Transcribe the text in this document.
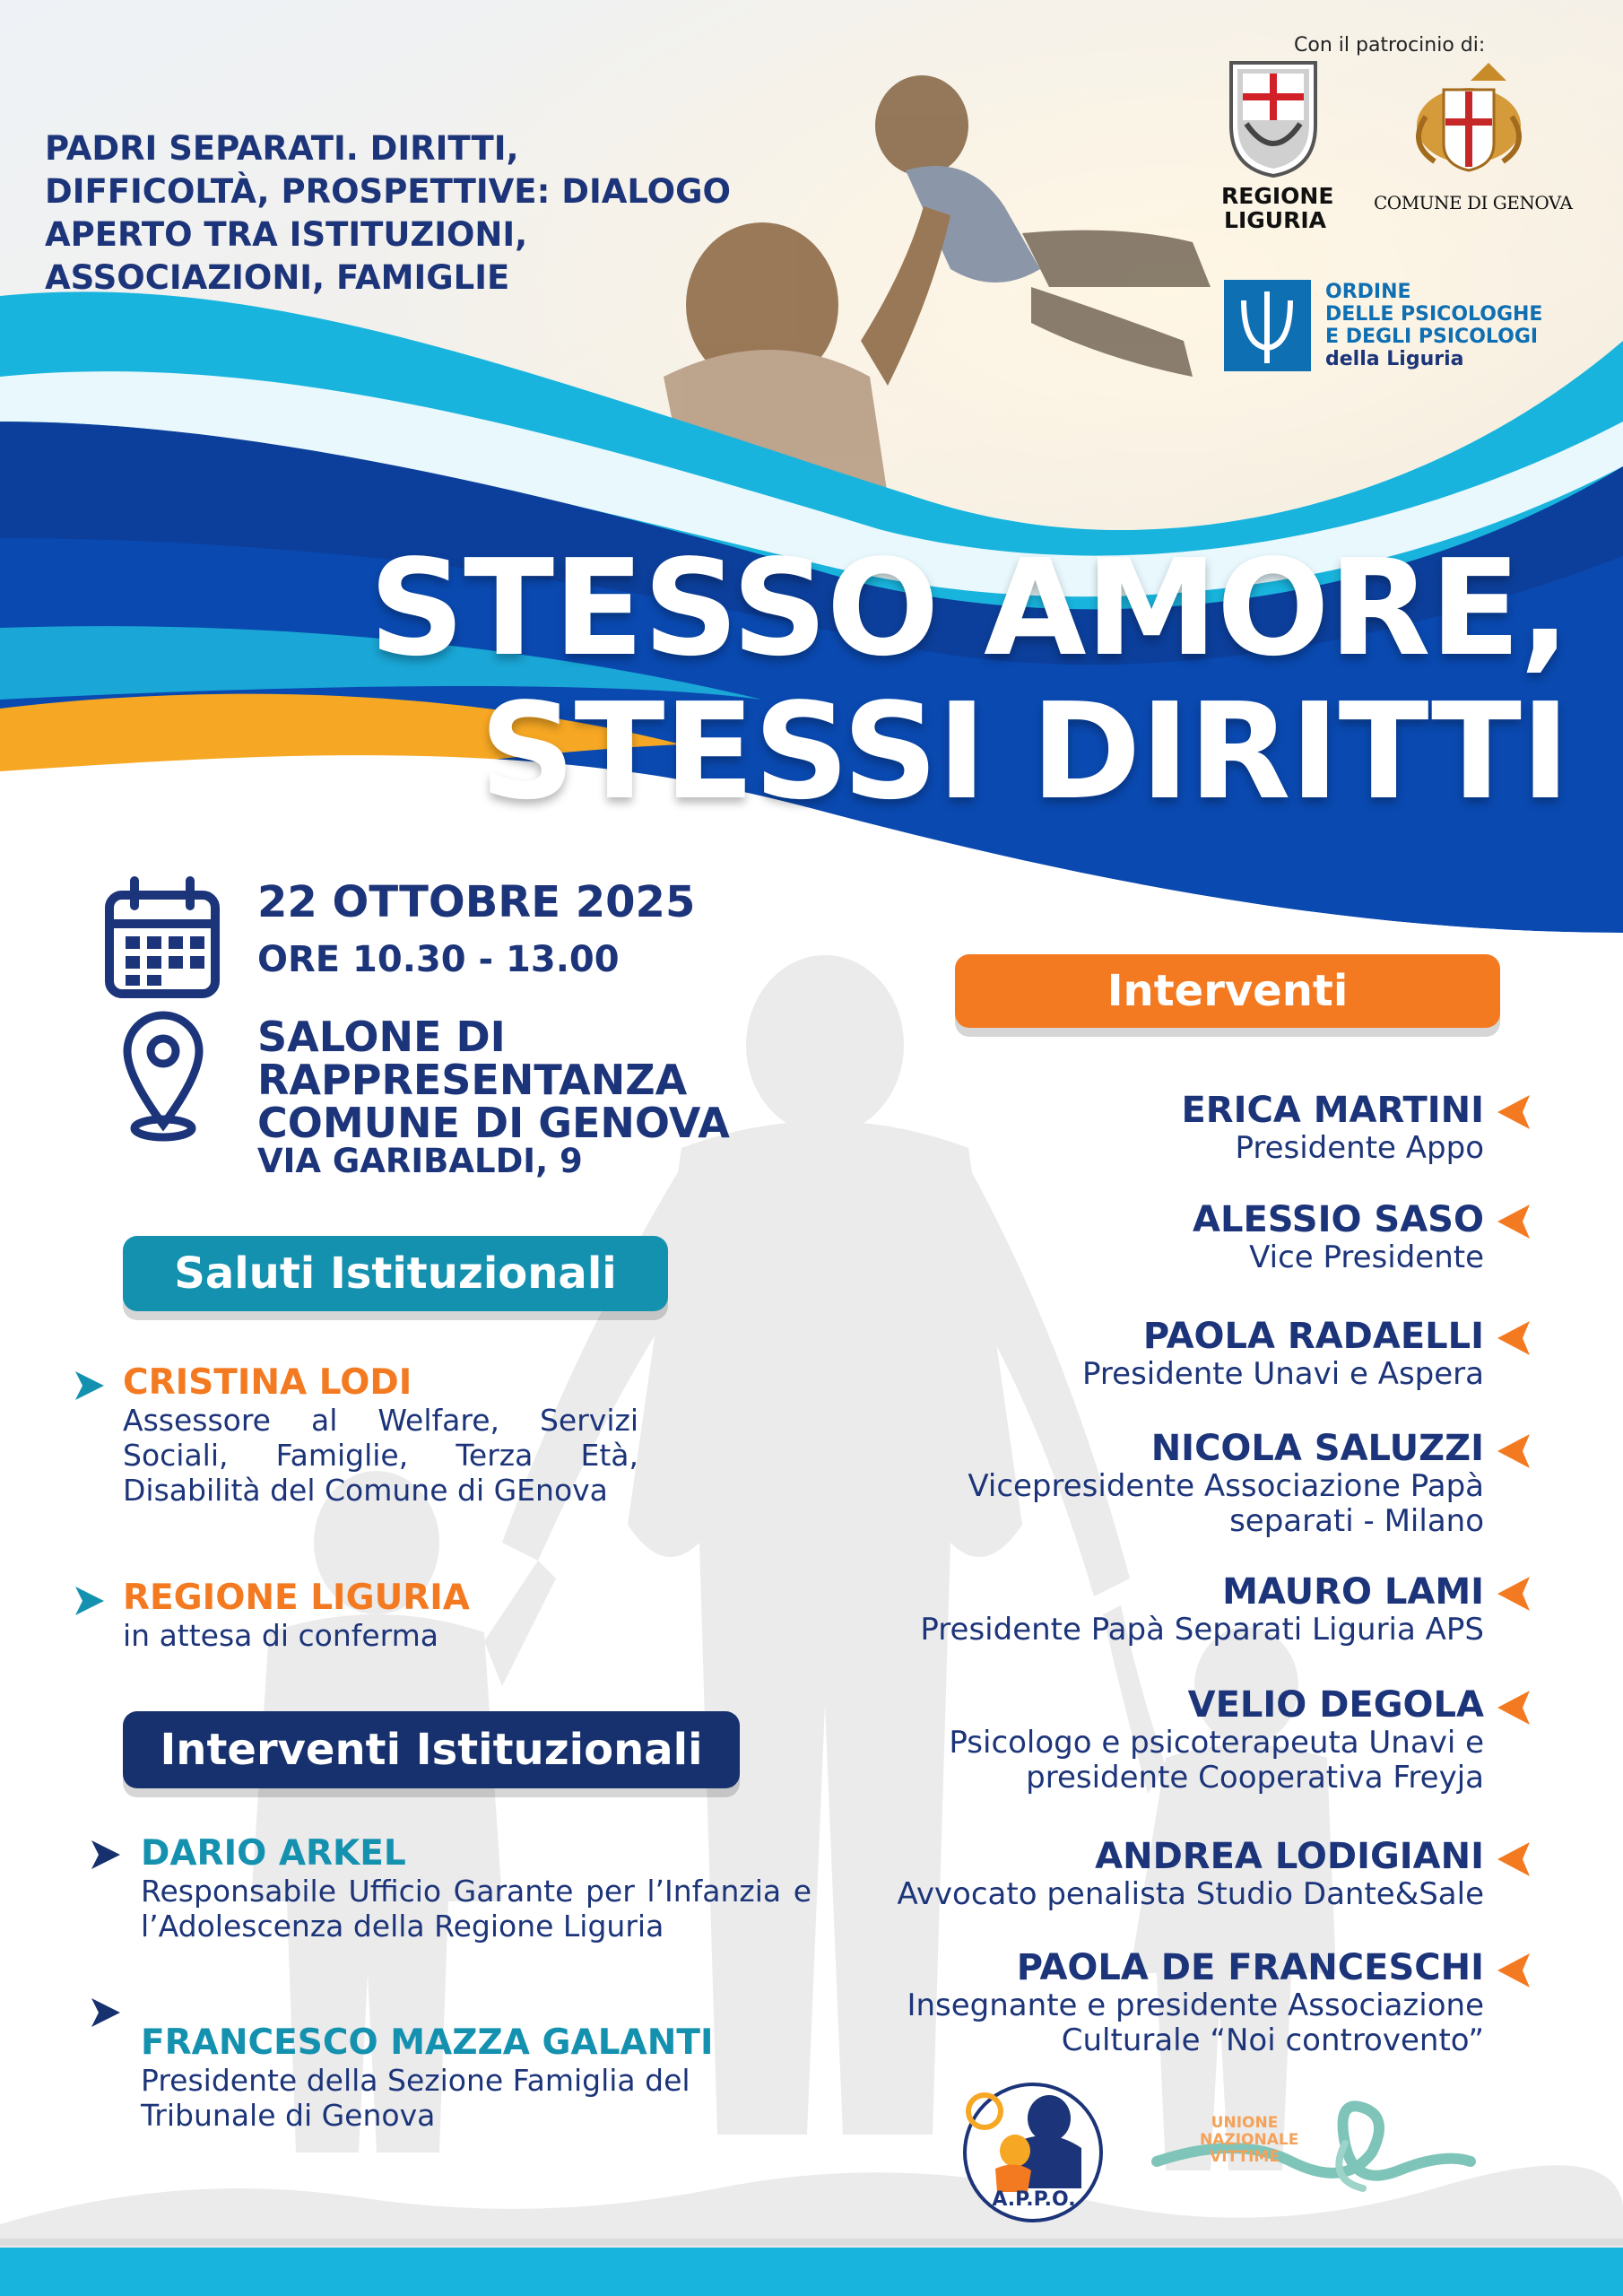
PADRI SEPARATI. DIRITTI,
DIFFICOLTÀ, PROSPETTIVE: DIALOGO
APERTO TRA ISTITUZIONI,
ASSOCIAZIONI, FAMIGLIE
Con il patrocinio di:
REGIONE
LIGURIA
COMUNE DI GENOVA
ORDINE
DELLE PSICOLOGHE
E DEGLI PSICOLOGI
della Liguria
STESSO AMORE,
STESSI DIRITTI
22 OTTOBRE 2025
ORE 10.30 - 13.00
SALONE DI
RAPPRESENTANZA
COMUNE DI GENOVA
VIA GARIBALDI, 9
Saluti Istituzionali
CRISTINA LODI
Assessore al Welfare, Servizi Sociali, Famiglie, Terza Età, Disabilità del Comune di GEnova
REGIONE LIGURIA
in attesa di conferma
Interventi Istituzionali
DARIO ARKEL
Responsabile Ufficio Garante per l’Infanzia e l’Adolescenza della Regione Liguria
FRANCESCO MAZZA GALANTI
Presidente della Sezione Famiglia del
Tribunale di Genova
Interventi
ERICA MARTINI
Presidente Appo
ALESSIO SASO
Vice Presidente
PAOLA RADAELLI
Presidente Unavi e Aspera
NICOLA SALUZZI
Vicepresidente Associazione Papà
separati - Milano
MAURO LAMI
Presidente Papà Separati Liguria APS
VELIO DEGOLA
Psicologo e psicoterapeuta Unavi e
presidente Cooperativa Freyja
ANDREA LODIGIANI
Avvocato penalista Studio Dante&Sale
PAOLA DE FRANCESCHI
Insegnante e presidente Associazione
Culturale “Noi controvento”
A.P.P.O.
UNIONE
NAZIONALE
VITTIME
